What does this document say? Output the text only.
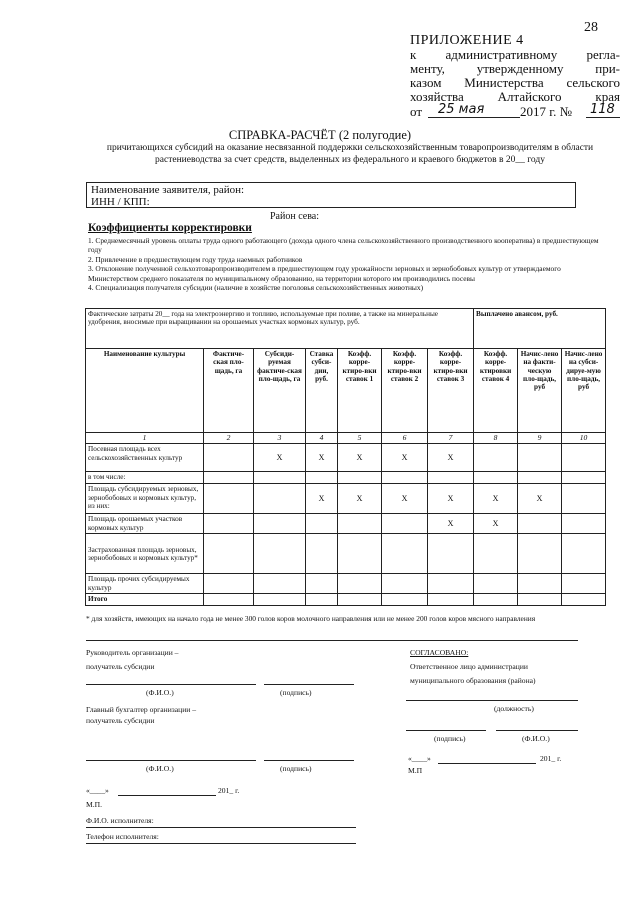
28
ПРИЛОЖЕНИЕ 4
к административному регла-
менту, утвержденному при-
казом Министерства сельского
хозяйства Алтайского края
от 25 мая	2017 г. № 118
СПРАВКА-РАСЧЁТ (2 полугодие)
причитающихся субсидий на оказание несвязанной поддержки сельскохозяйственным товаропроизводителям в области растениеводства за счет средств, выделенных из федерального и краевого бюджетов в 20__ году
Наименование заявителя, район:
ИНН / КПП:
Район сева:
Коэффициенты корректировки
1. Среднемесячный уровень оплаты труда одного работающего (дохода одного члена сельскохозяйственного производственного кооператива) в предшествующем году
2. Привлечение в предшествующем году труда наемных работников
3. Отклонение полученной сельхозтоваропроизводителем в предшествующем году урожайности зерновых и зернобобовых культур от утверждаемого Министерством среднего показателя по муниципальному образованию, на территории которого им производились посевы
4. Специализация получателя субсидии (наличие в хозяйстве поголовья сельскохозяйственных животных)
Фактические затраты 20__ года на электроэнергию и топливо, используемые при поливе, а также на минеральные удобрения, вносимые при выращивании на орошаемых участках кормовых культур, руб.							Выплачено авансом, руб.		
Наименование культуры	Фактиче-ская пло-щадь, га	Субсиди-руемая фактиче-ская пло-щадь, га	Ставка субси-дии, руб.	Коэфф. корре-ктиро-вки ставок 1	Коэфф. корре-ктиро-вки ставок 2	Коэфф. корре-ктиро-вки ставок 3	Коэфф. корре-ктировки ставок 4	Начис-лено на факти-ческую пло-щадь, руб	Начис-лено на субси-дируе-мую пло-щадь, руб
1	2	3	4	5	6	7	8	9	10
Посевная площадь всех сельскохозяйственных культур		X	X	X	X	X			
в том числе:									
Площадь субсидируемых зерновых, зернобобовых и кормовых культур, из них:			X	X	X	X	X	X	
Площадь орошаемых участков кормовых культур						X	X		
Застрахованная площадь зерновых, зернобобовых и кормовых культур*									
Площадь прочих субсидируемых культур									
Итого									
* для хозяйств, имеющих на начало года не менее 300 голов коров молочного направления или не менее 200 голов коров мясного направления
Руководитель организации –
получатель субсидии
(Ф.И.О.)	(подпись)
Главный бухгалтер организации –
получатель субсидии
(Ф.И.О.)	(подпись)
«____»	201_ г.
М.П.
Ф.И.О. исполнителя:
Телефон исполнителя:
СОГЛАСОВАНО:
Ответственное лицо администрации
муниципального образования (района)
(должность)
(подпись)	(Ф.И.О.)
«____»	201_ г.
М.П
